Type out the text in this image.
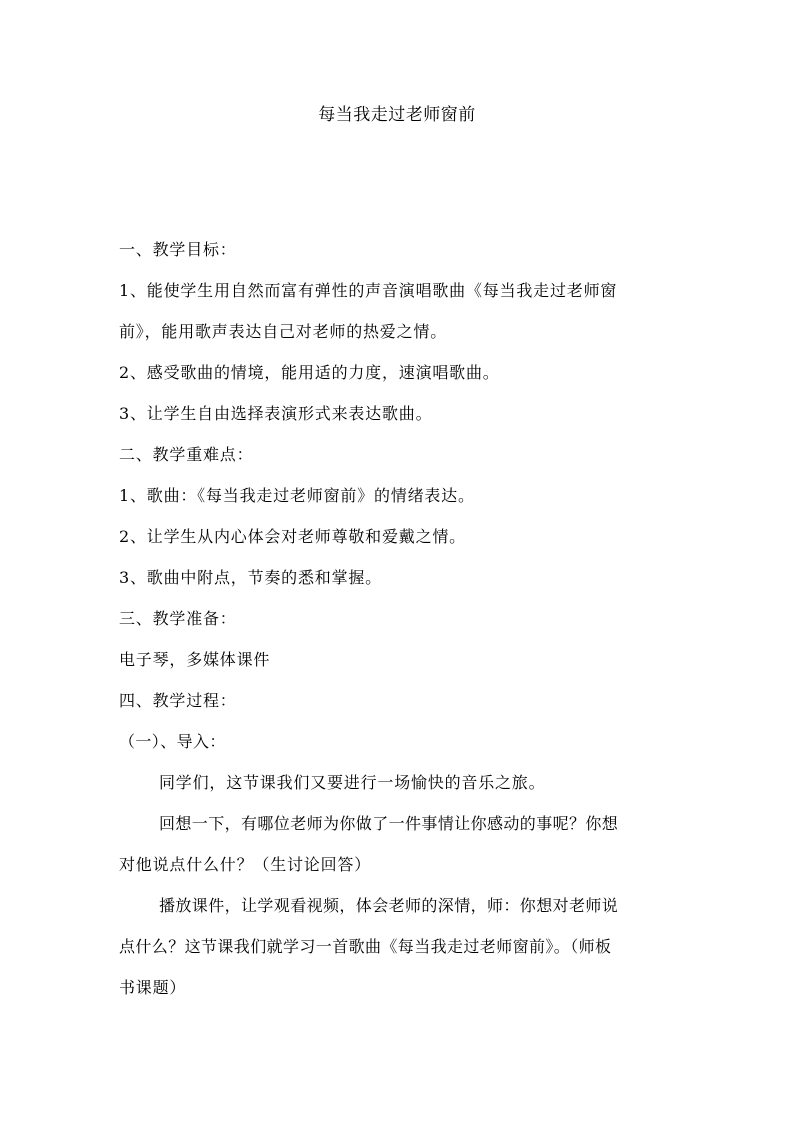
每当我走过老师窗前
一、教学目标：
1、能使学生用自然而富有弹性的声音演唱歌曲《每当我走过老师窗
前》，能用歌声表达自己对老师的热爱之情。
2、感受歌曲的情境，能用适的力度，速演唱歌曲。
3、让学生自由选择表演形式来表达歌曲。
二、教学重难点：
1、歌曲：《每当我走过老师窗前》的情绪表达。
2、让学生从内心体会对老师尊敬和爱戴之情。
3、歌曲中附点，节奏的悉和掌握。
三、教学准备：
电子琴，多媒体课件
四、教学过程：
（一）、导入：
同学们，这节课我们又要进行一场愉快的音乐之旅。
回想一下，有哪位老师为你做了一件事情让你感动的事呢？你想
对他说点什么什？（生讨论回答）
播放课件，让学观看视频，体会老师的深情，师：你想对老师说
点什么？这节课我们就学习一首歌曲《每当我走过老师窗前》。（师板
书课题）
